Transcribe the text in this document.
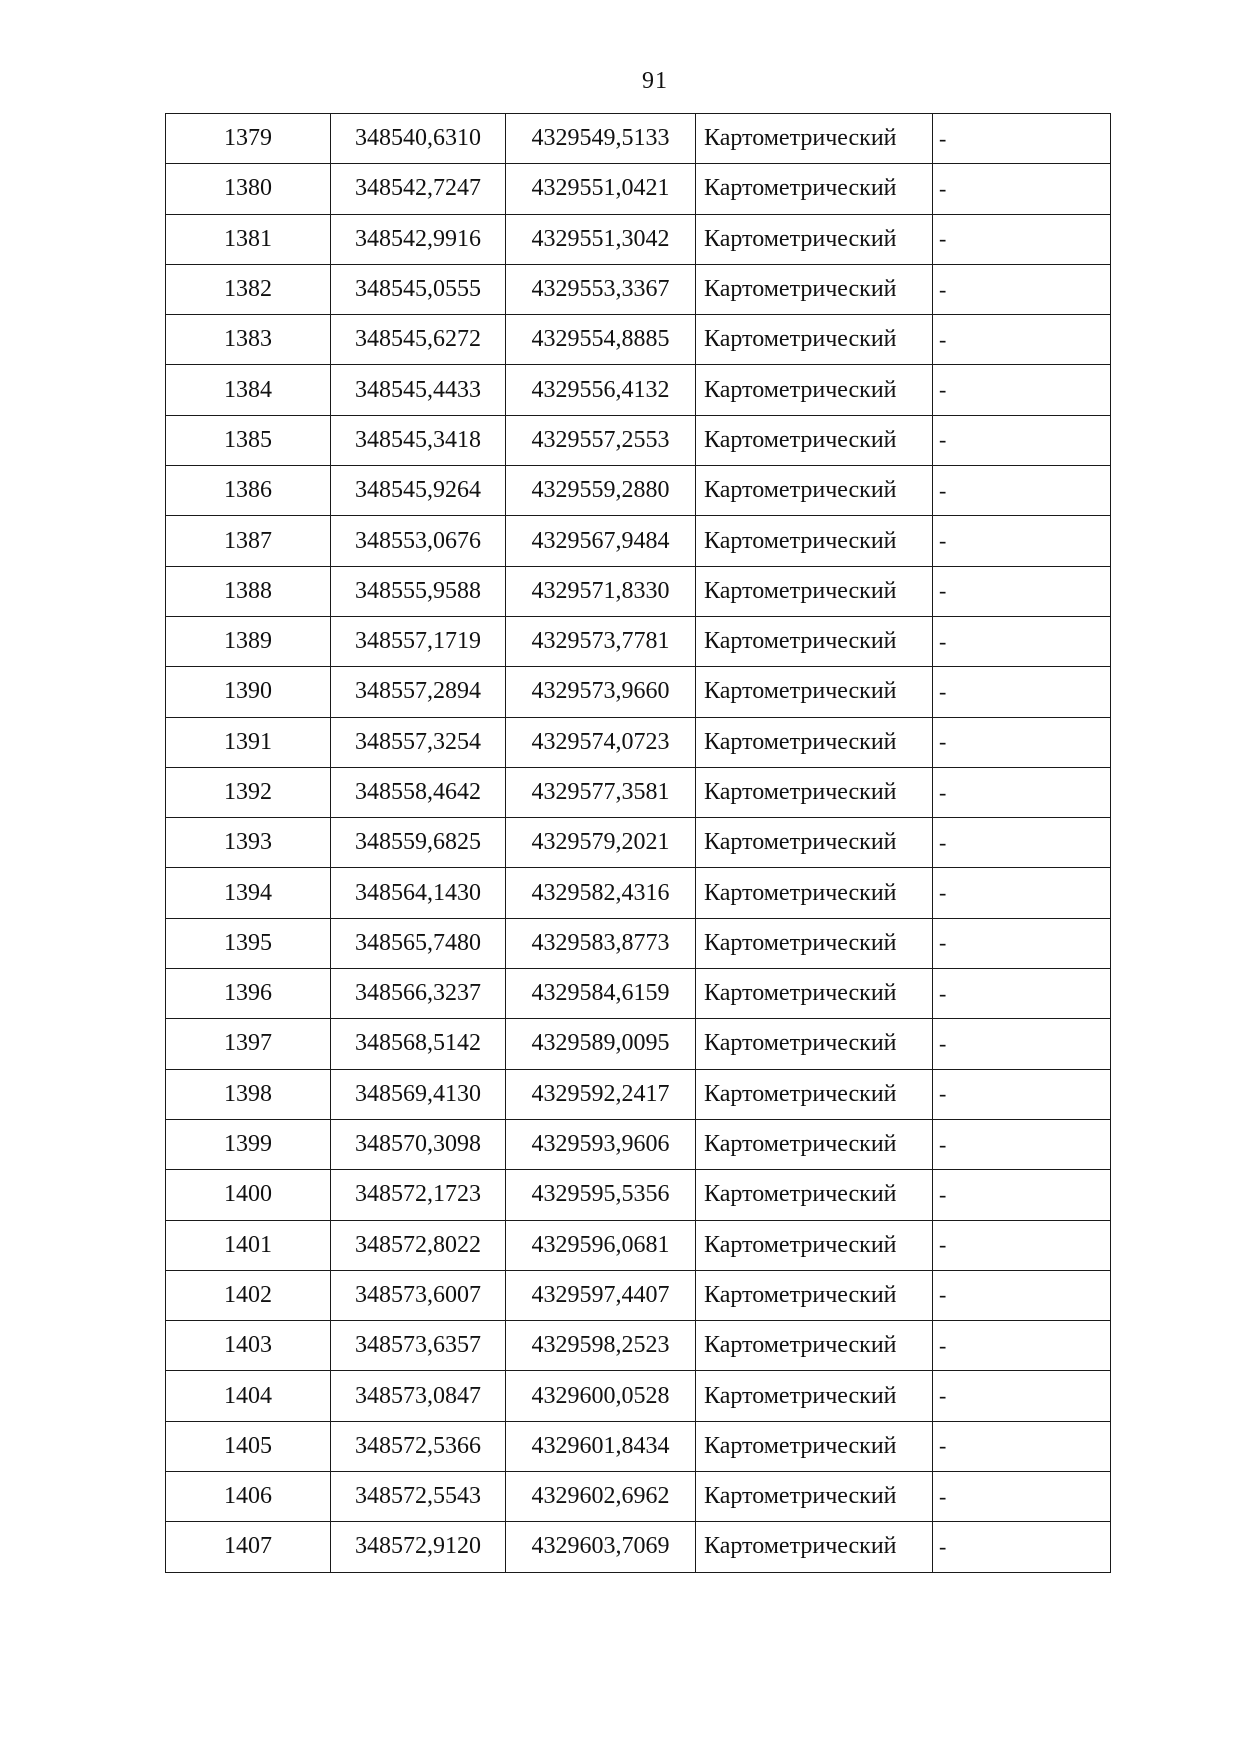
91
1379	348540,6310	4329549,5133	Картометрический	-
1380	348542,7247	4329551,0421	Картометрический	-
1381	348542,9916	4329551,3042	Картометрический	-
1382	348545,0555	4329553,3367	Картометрический	-
1383	348545,6272	4329554,8885	Картометрический	-
1384	348545,4433	4329556,4132	Картометрический	-
1385	348545,3418	4329557,2553	Картометрический	-
1386	348545,9264	4329559,2880	Картометрический	-
1387	348553,0676	4329567,9484	Картометрический	-
1388	348555,9588	4329571,8330	Картометрический	-
1389	348557,1719	4329573,7781	Картометрический	-
1390	348557,2894	4329573,9660	Картометрический	-
1391	348557,3254	4329574,0723	Картометрический	-
1392	348558,4642	4329577,3581	Картометрический	-
1393	348559,6825	4329579,2021	Картометрический	-
1394	348564,1430	4329582,4316	Картометрический	-
1395	348565,7480	4329583,8773	Картометрический	-
1396	348566,3237	4329584,6159	Картометрический	-
1397	348568,5142	4329589,0095	Картометрический	-
1398	348569,4130	4329592,2417	Картометрический	-
1399	348570,3098	4329593,9606	Картометрический	-
1400	348572,1723	4329595,5356	Картометрический	-
1401	348572,8022	4329596,0681	Картометрический	-
1402	348573,6007	4329597,4407	Картометрический	-
1403	348573,6357	4329598,2523	Картометрический	-
1404	348573,0847	4329600,0528	Картометрический	-
1405	348572,5366	4329601,8434	Картометрический	-
1406	348572,5543	4329602,6962	Картометрический	-
1407	348572,9120	4329603,7069	Картометрический	-
